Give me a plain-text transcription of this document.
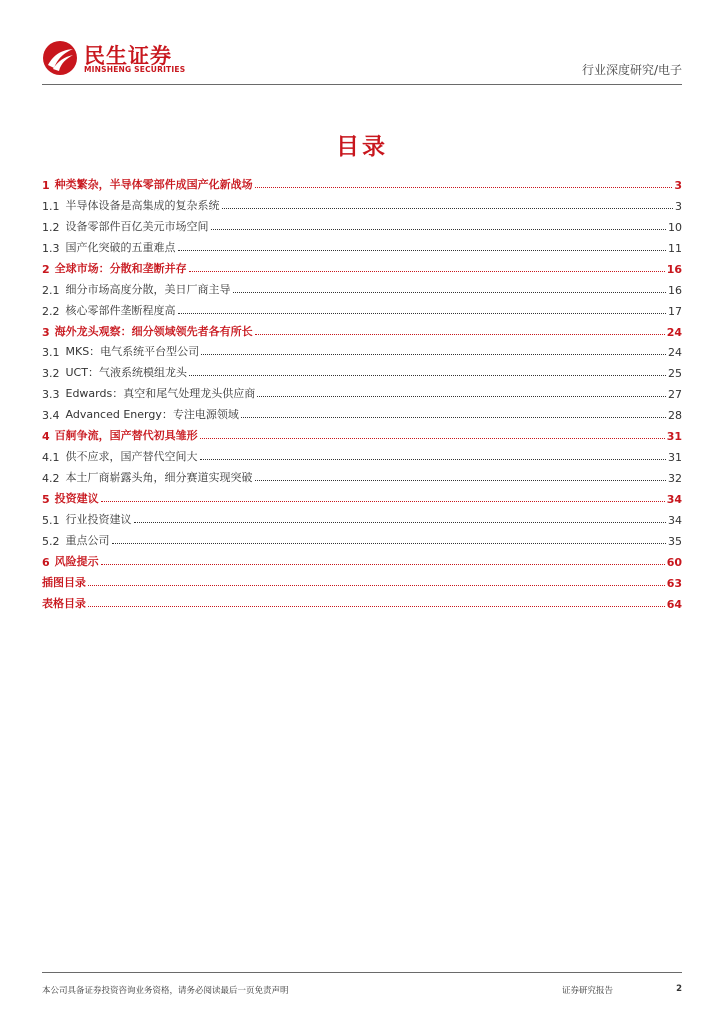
民生证券
MINSHENG SECURITIES	行业深度研究/电子
目录
1 种类繁杂，半导体零部件成国产化新战场	3
1.1 半导体设备是高集成的复杂系统	3
1.2 设备零部件百亿美元市场空间	10
1.3 国产化突破的五重难点	11
2 全球市场：分散和垄断并存	16
2.1 细分市场高度分散，美日厂商主导	16
2.2 核心零部件垄断程度高	17
3 海外龙头观察：细分领域领先者各有所长	24
3.1 MKS：电气系统平台型公司	24
3.2 UCT：气液系统模组龙头	25
3.3 Edwards：真空和尾气处理龙头供应商	27
3.4 Advanced Energy：专注电源领域	28
4 百舸争流，国产替代初具雏形	31
4.1 供不应求，国产替代空间大	31
4.2 本土厂商崭露头角，细分赛道实现突破	32
5 投资建议	34
5.1 行业投资建议	34
5.2 重点公司	35
6 风险提示	60
插图目录	63
表格目录	64
本公司具备证券投资咨询业务资格，请务必阅读最后一页免责声明	证券研究报告	2
